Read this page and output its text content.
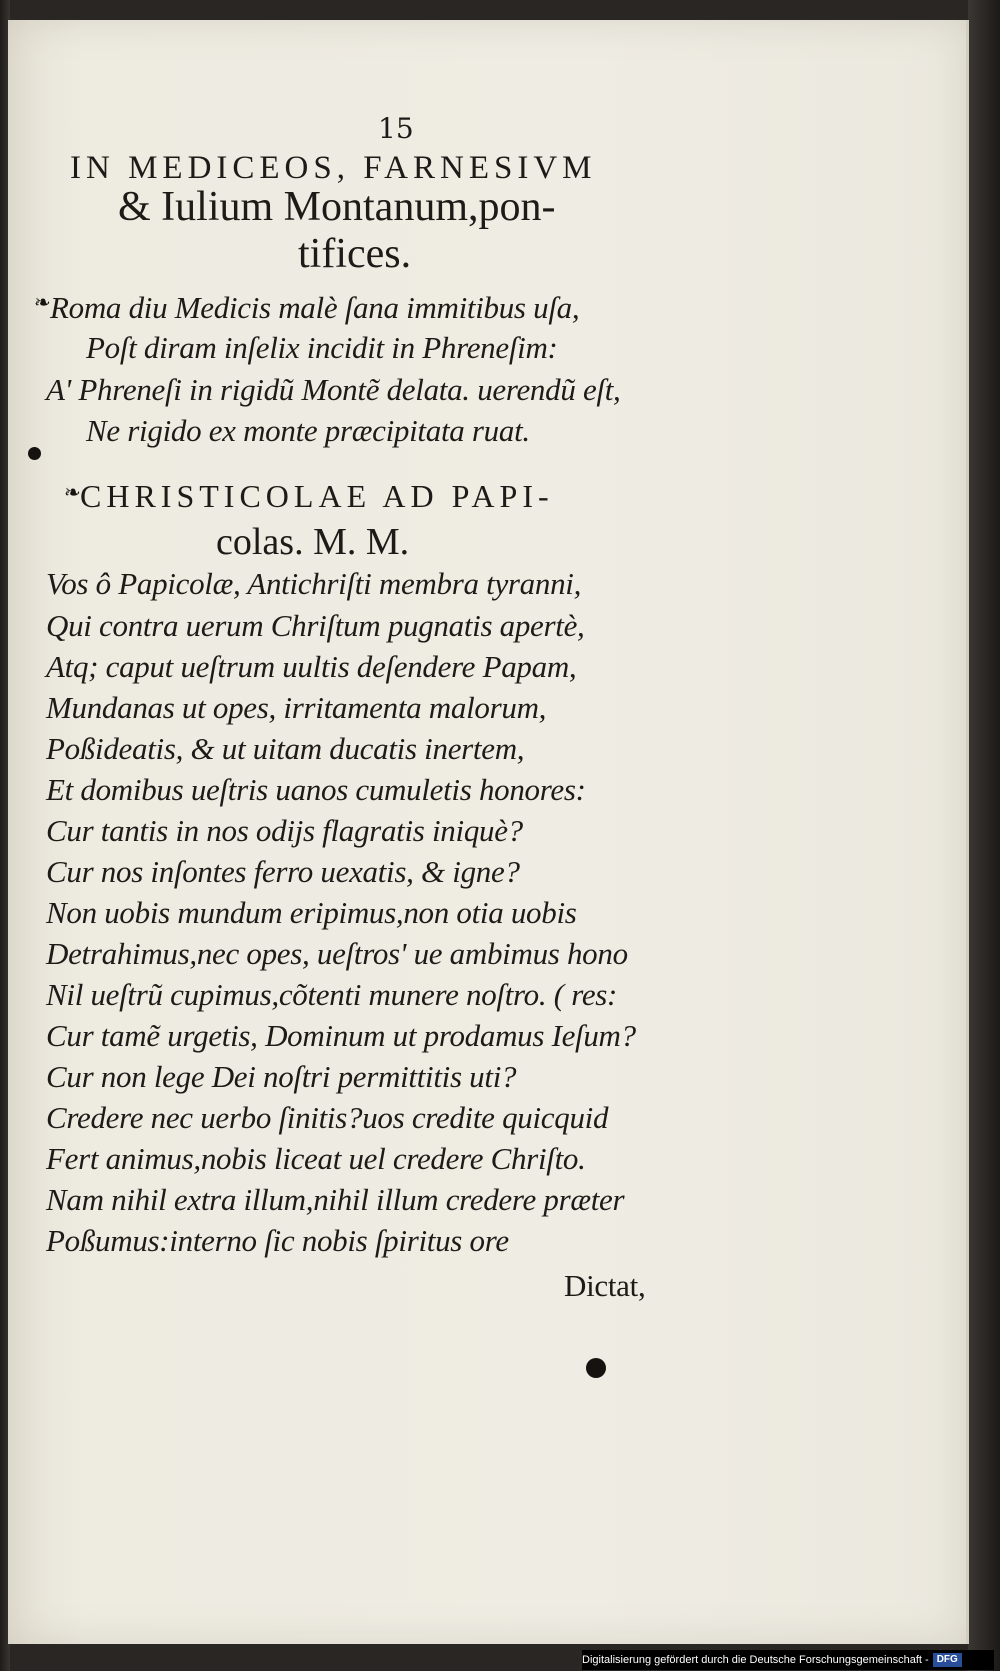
15
IN MEDICEOS, FARNESIVM
& Iulium Montanum,pon-
tifices.
❧ Roma diu Medicis malè ſana immitibus uſa,
Poſt diram inſelix incidit in Phreneſim:
A' Phreneſi in rigidũ Montẽ delata. uerendũ eſt,
Ne rigido ex monte præcipitata ruat.
❧ CHRISTICOLAE AD PAPI-
colas. M. M.
Vos ô Papicolæ, Antichriſti membra tyranni,
Qui contra uerum Chriſtum pugnatis apertè,
Atq; caput ueſtrum uultis deſendere Papam,
Mundanas ut opes, irritamenta malorum,
Poßideatis, & ut uitam ducatis inertem,
Et domibus ueſtris uanos cumuletis honores:
Cur tantis in nos odijs flagratis iniquè?
Cur nos inſontes ferro uexatis, & igne?
Non uobis mundum eripimus,non otia uobis
Detrahimus,nec opes, ueſtros' ue ambimus hono
Nil ueſtrũ cupimus,cõtenti munere noſtro. ( res:
Cur tamẽ urgetis, Dominum ut prodamus Ieſum?
Cur non lege Dei noſtri permittitis uti?
Credere nec uerbo ſinitis?uos credite quicquid
Fert animus,nobis liceat uel credere Chriſto.
Nam nihil extra illum,nihil illum credere præter
Poßumus:interno ſic nobis ſpiritus ore
Dictat,
Digitalisierung gefördert durch die Deutsche Forschungsgemeinschaft - DFG
